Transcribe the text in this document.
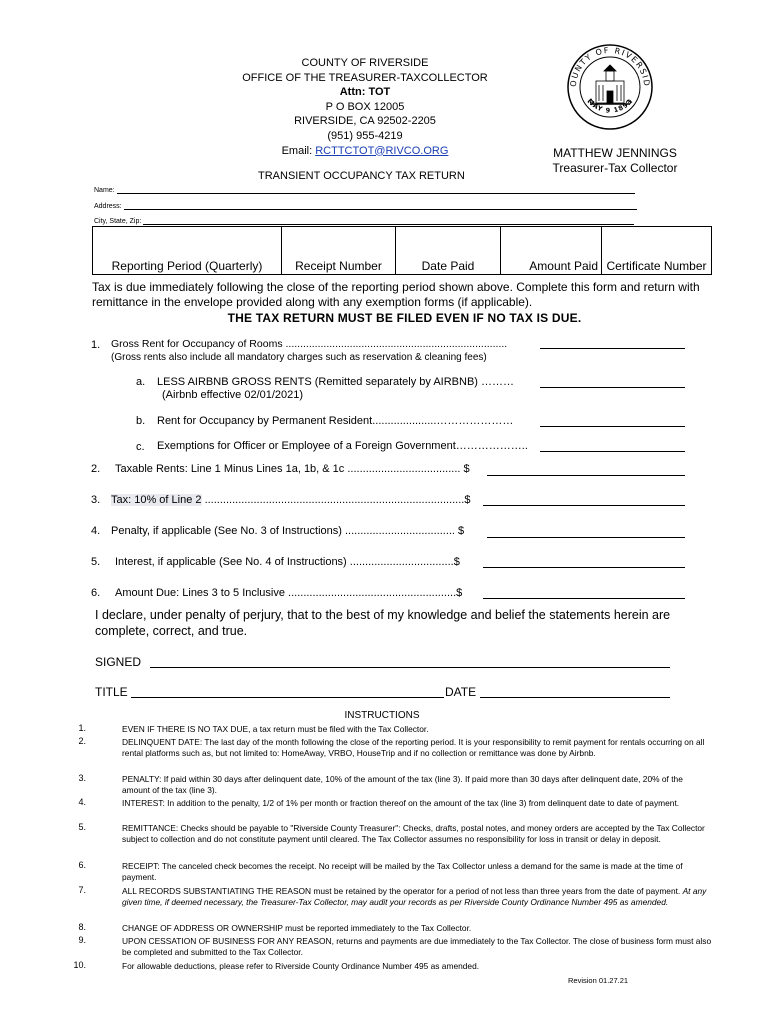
COUNTY OF RIVERSIDE
OFFICE OF THE TREASURER-TAXCOLLECTOR
Attn: TOT
P O BOX 12005
RIVERSIDE, CA 92502-2205
(951) 955-4219
Email: RCTTCTOT@RIVCO.ORG
OUNTY OF RIVERSID
MAY 9 1893
MATTHEW JENNINGS
Treasurer-Tax Collector
TRANSIENT OCCUPANCY TAX RETURN
Name:
Address:
City, State, Zip:
Reporting Period (Quarterly)	Receipt Number	Date Paid	Amount Paid	Certificate Number
Tax is due immediately following the close of the reporting period shown above. Complete this form and return with remittance in the envelope provided along with any exemption forms (if applicable).
THE TAX RETURN MUST BE FILED EVEN IF NO TAX IS DUE.
1. Gross Rent for Occupancy of Rooms ............................................................................
(Gross rents also include all mandatory charges such as reservation & cleaning fees)
a. LESS AIRBNB GROSS RENTS (Remitted separately by AIRBNB) ………
(Airbnb effective 02/01/2021)
b. Rent for Occupancy by Permanent Resident.....................…………………
c. Exemptions for Officer or Employee of a Foreign Government………………..
2. Taxable Rents: Line 1 Minus Lines 1a, 1b, & 1c ..................................... $
3. Tax: 10% of Line 2 .....................................................................................$
4. Penalty, if applicable (See No. 3 of Instructions) .................................... $
5. Interest, if applicable (See No. 4 of Instructions) ..................................$
6. Amount Due: Lines 3 to 5 Inclusive .......................................................$
I declare, under penalty of perjury, that to the best of my knowledge and belief the statements herein are complete, correct, and true.
SIGNED
TITLE	DATE
INSTRUCTIONS
1.	EVEN IF THERE IS NO TAX DUE, a tax return must be filed with the Tax Collector.
2.	DELINQUENT DATE: The last day of the month following the close of the reporting period. It is your responsibility to remit payment for rentals occurring on all rental platforms such as, but not limited to: HomeAway, VRBO, HouseTrip and if no collection or remittance was done by Airbnb.
3.	PENALTY: If paid within 30 days after delinquent date, 10% of the amount of the tax (line 3). If paid more than 30 days after delinquent date, 20% of the amount of the tax (line 3).
4.	INTEREST: In addition to the penalty, 1/2 of 1% per month or fraction thereof on the amount of the tax (line 3) from delinquent date to date of payment.
5.	REMITTANCE: Checks should be payable to "Riverside County Treasurer": Checks, drafts, postal notes, and money orders are accepted by the Tax Collector subject to collection and do not constitute payment until cleared. The Tax Collector assumes no responsibility for loss in transit or delay in deposit.
6.	RECEIPT: The canceled check becomes the receipt. No receipt will be mailed by the Tax Collector unless a demand for the same is made at the time of payment.
7.	ALL RECORDS SUBSTANTIATING THE REASON must be retained by the operator for a period of not less than three years from the date of payment. At any given time, if deemed necessary, the Treasurer-Tax Collector, may audit your records as per Riverside County Ordinance Number 495 as amended.
8.	CHANGE OF ADDRESS OR OWNERSHIP must be reported immediately to the Tax Collector.
9.	UPON CESSATION OF BUSINESS FOR ANY REASON, returns and payments are due immediately to the Tax Collector. The close of business form must also be completed and submitted to the Tax Collector.
10.	For allowable deductions, please refer to Riverside County Ordinance Number 495 as amended.
Revision 01.27.21
